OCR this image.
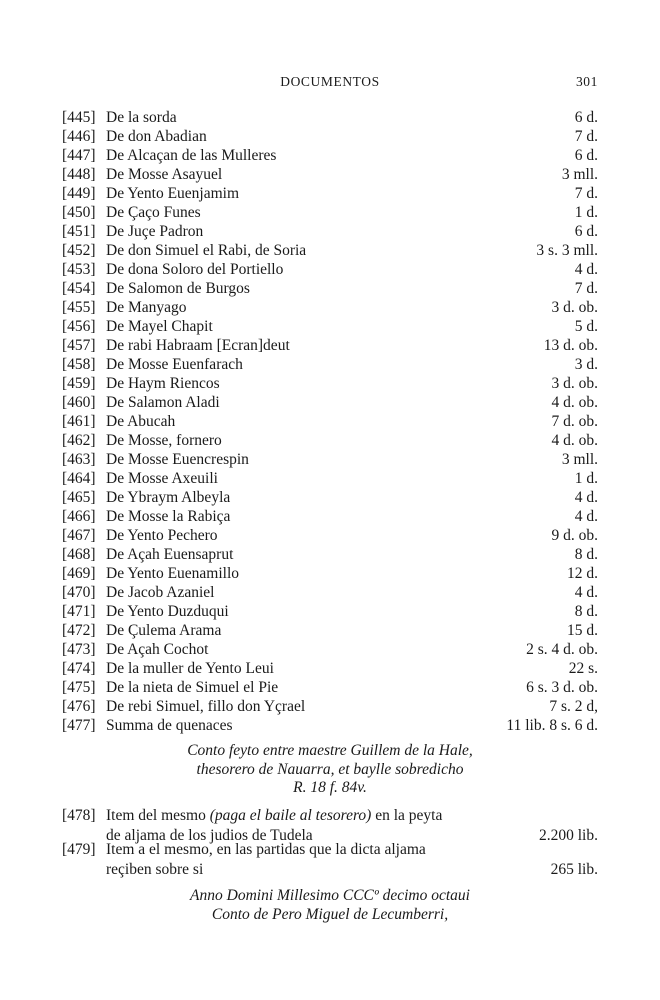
DOCUMENTOS	301
[445] De la sorda	6 d.
[446] De don Abadian	7 d.
[447] De Alcaçan de las Mulleres	6 d.
[448] De Mosse Asayuel	3 mll.
[449] De Yento Euenjamim	7 d.
[450] De Çaço Funes	1 d.
[451] De Juçe Padron	6 d.
[452] De don Simuel el Rabi, de Soria	3 s. 3 mll.
[453] De dona Soloro del Portiello	4 d.
[454] De Salomon de Burgos	7 d.
[455] De Manyago	3 d. ob.
[456] De Mayel Chapit	5 d.
[457] De rabi Habraam [Ecran]deut	13 d. ob.
[458] De Mosse Euenfarach	3 d.
[459] De Haym Riencos	3 d. ob.
[460] De Salamon Aladi	4 d. ob.
[461] De Abucah	7 d. ob.
[462] De Mosse, fornero	4 d. ob.
[463] De Mosse Euencrespin	3 mll.
[464] De Mosse Axeuili	1 d.
[465] De Ybraym Albeyla	4 d.
[466] De Mosse la Rabiça	4 d.
[467] De Yento Pechero	9 d. ob.
[468] De Açah Euensaprut	8 d.
[469] De Yento Euenamillo	12 d.
[470] De Jacob Azaniel	4 d.
[471] De Yento Duzduqui	8 d.
[472] De Çulema Arama	15 d.
[473] De Açah Cochot	2 s. 4 d. ob.
[474] De la muller de Yento Leui	22 s.
[475] De la nieta de Simuel el Pie	6 s. 3 d. ob.
[476] De rebi Simuel, fillo don Yçrael	7 s. 2 d,
[477] Summa de quenaces	11 lib. 8 s. 6 d.
Conto feyto entre maestre Guillem de la Hale,
thesorero de Nauarra, et baylle sobredicho
R. 18 f. 84v.
[478] Item del mesmo (paga el baile al tesorero) en la peyta
de aljama de los judios de Tudela	2.200 lib.
[479] Item a el mesmo, en las partidas que la dicta aljama
reçiben sobre si	265 lib.
Anno Domini Millesimo CCCº decimo octaui
Conto de Pero Miguel de Lecumberri,
